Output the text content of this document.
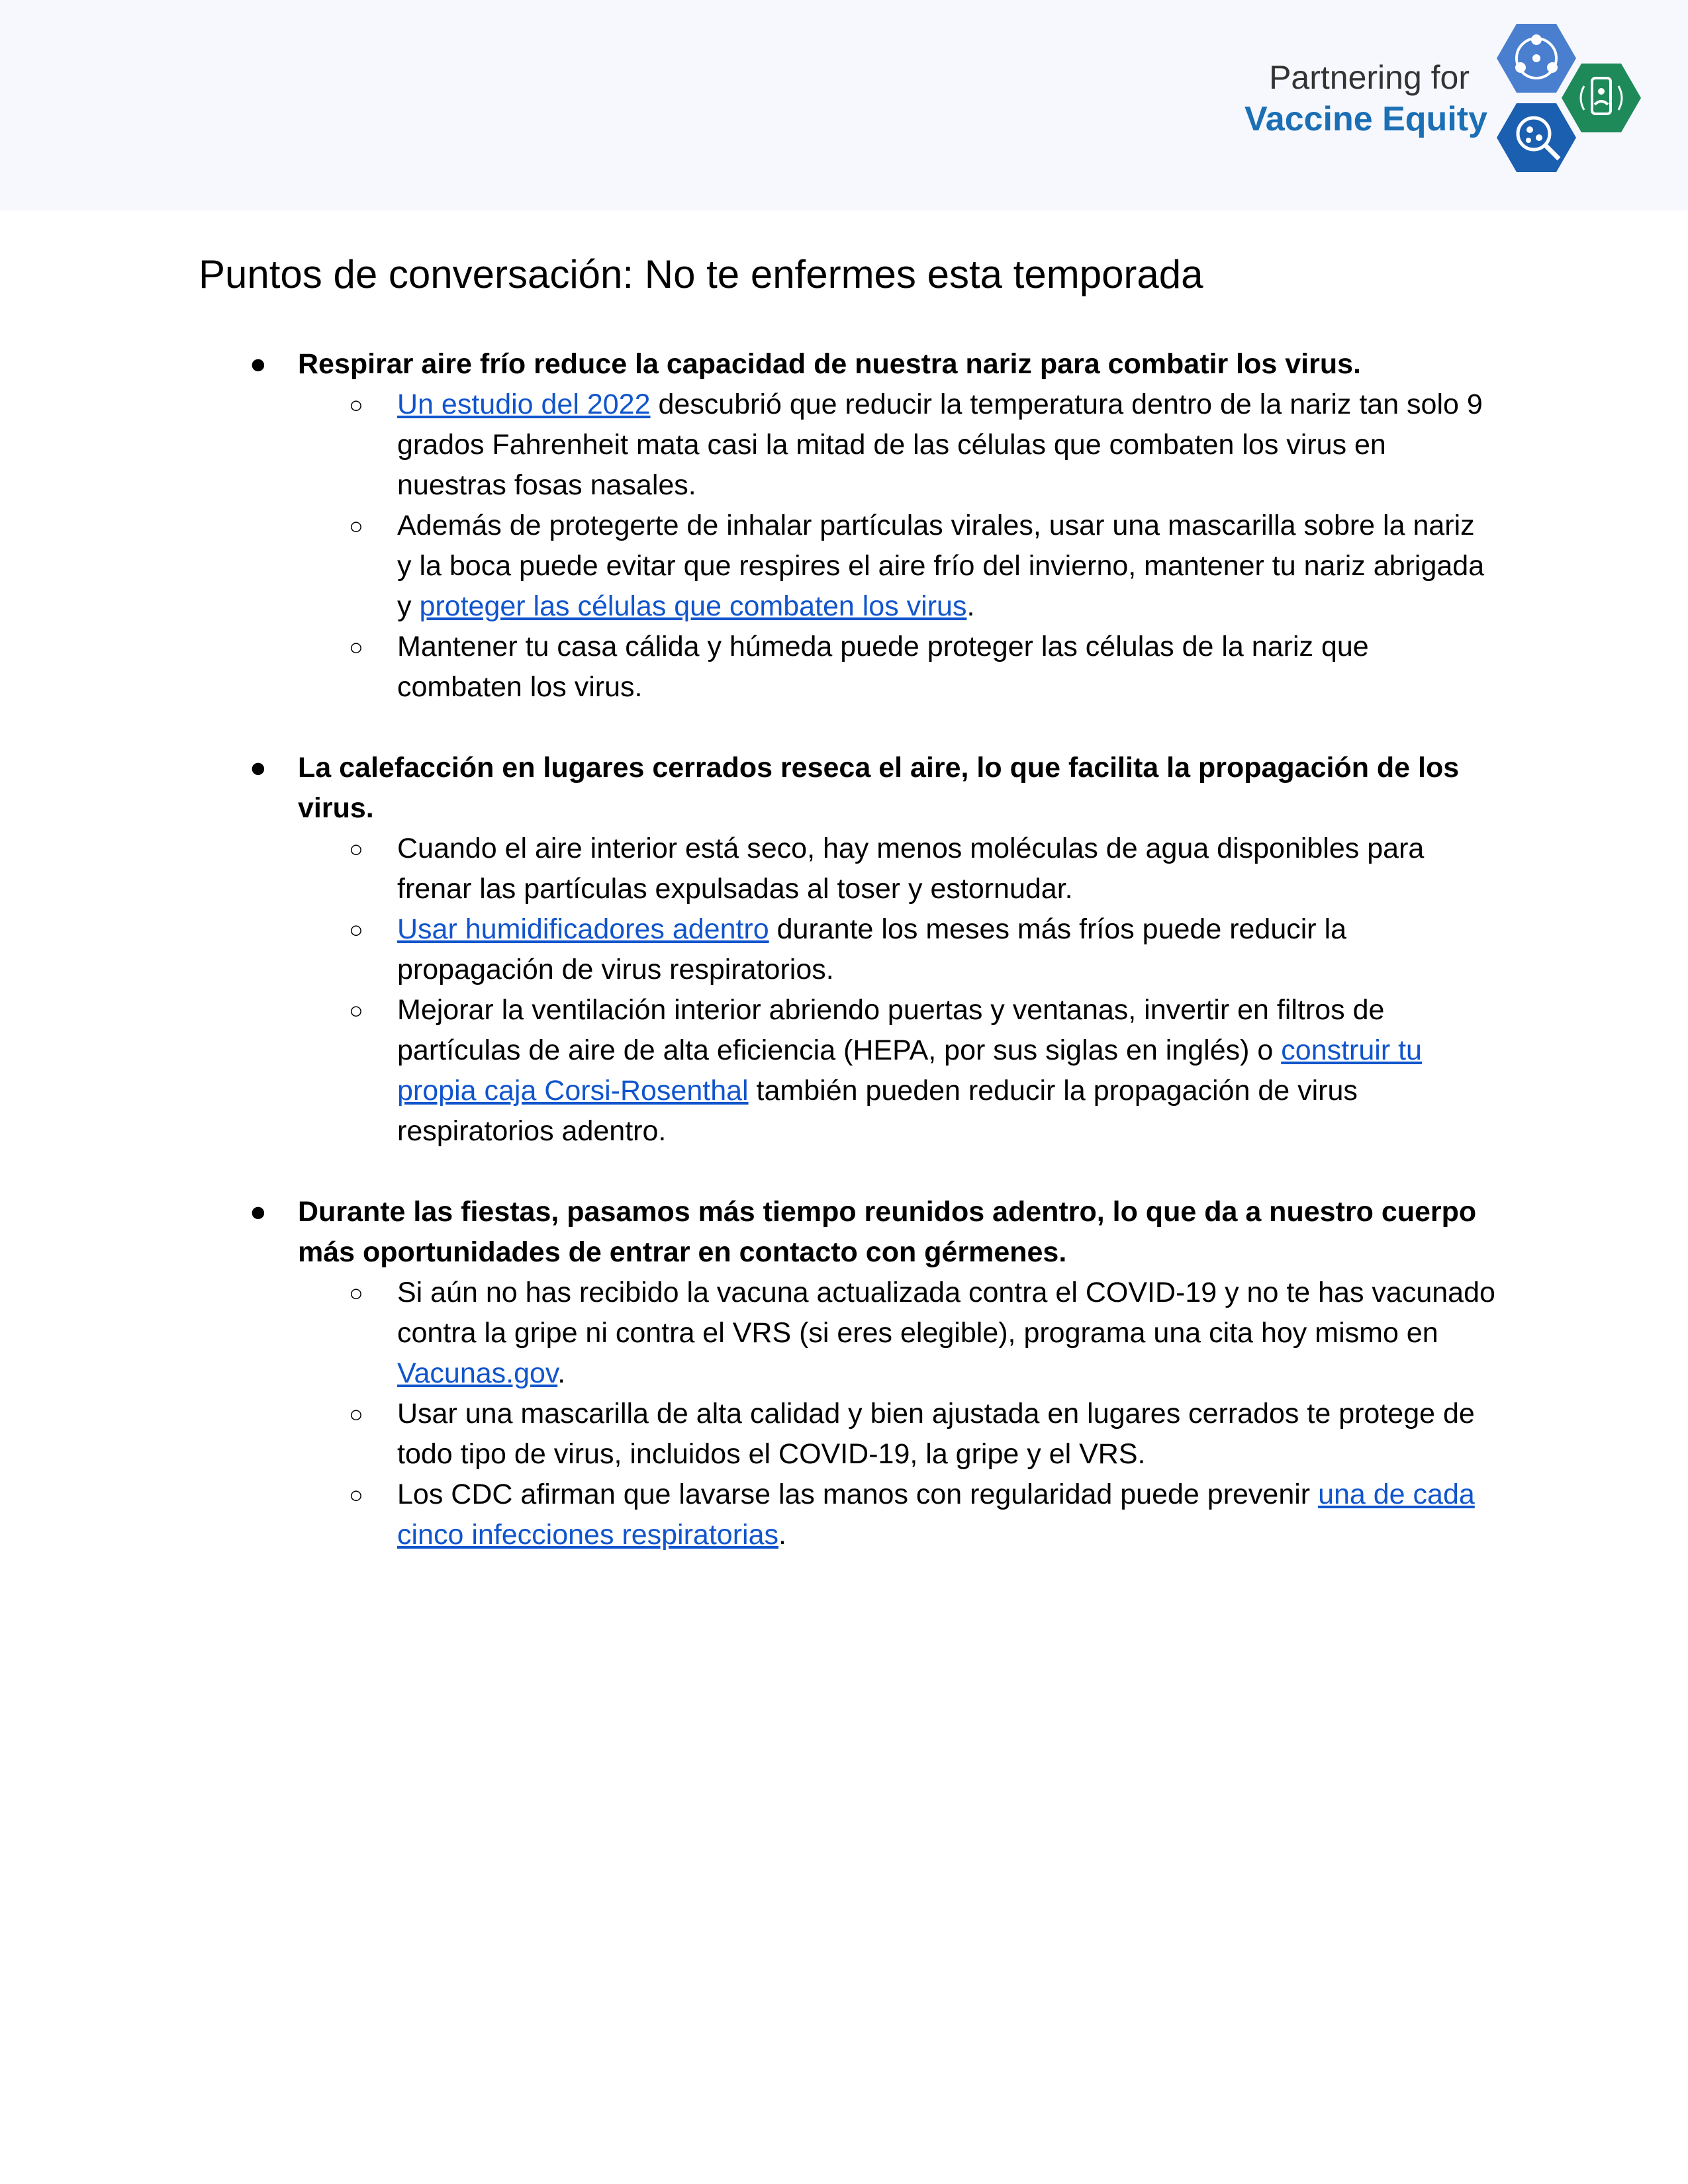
Partnering for
Vaccine Equity
Puntos de conversación: No te enfermes esta temporada
● Respirar aire frío reduce la capacidad de nuestra nariz para combatir los virus.
○ Un estudio del 2022 descubrió que reducir la temperatura dentro de la nariz tan solo 9 grados Fahrenheit mata casi la mitad de las células que combaten los virus en nuestras fosas nasales.
○ Además de protegerte de inhalar partículas virales, usar una mascarilla sobre la nariz y la boca puede evitar que respires el aire frío del invierno, mantener tu nariz abrigada y proteger las células que combaten los virus.
○ Mantener tu casa cálida y húmeda puede proteger las células de la nariz que combaten los virus.
● La calefacción en lugares cerrados reseca el aire, lo que facilita la propagación de los virus.
○ Cuando el aire interior está seco, hay menos moléculas de agua disponibles para frenar las partículas expulsadas al toser y estornudar.
○ Usar humidificadores adentro durante los meses más fríos puede reducir la propagación de virus respiratorios.
○ Mejorar la ventilación interior abriendo puertas y ventanas, invertir en filtros de partículas de aire de alta eficiencia (HEPA, por sus siglas en inglés) o construir tu propia caja Corsi-Rosenthal también pueden reducir la propagación de virus respiratorios adentro.
● Durante las fiestas, pasamos más tiempo reunidos adentro, lo que da a nuestro cuerpo más oportunidades de entrar en contacto con gérmenes.
○ Si aún no has recibido la vacuna actualizada contra el COVID-19 y no te has vacunado contra la gripe ni contra el VRS (si eres elegible), programa una cita hoy mismo en Vacunas.gov.
○ Usar una mascarilla de alta calidad y bien ajustada en lugares cerrados te protege de todo tipo de virus, incluidos el COVID-19, la gripe y el VRS.
○ Los CDC afirman que lavarse las manos con regularidad puede prevenir una de cada cinco infecciones respiratorias.
